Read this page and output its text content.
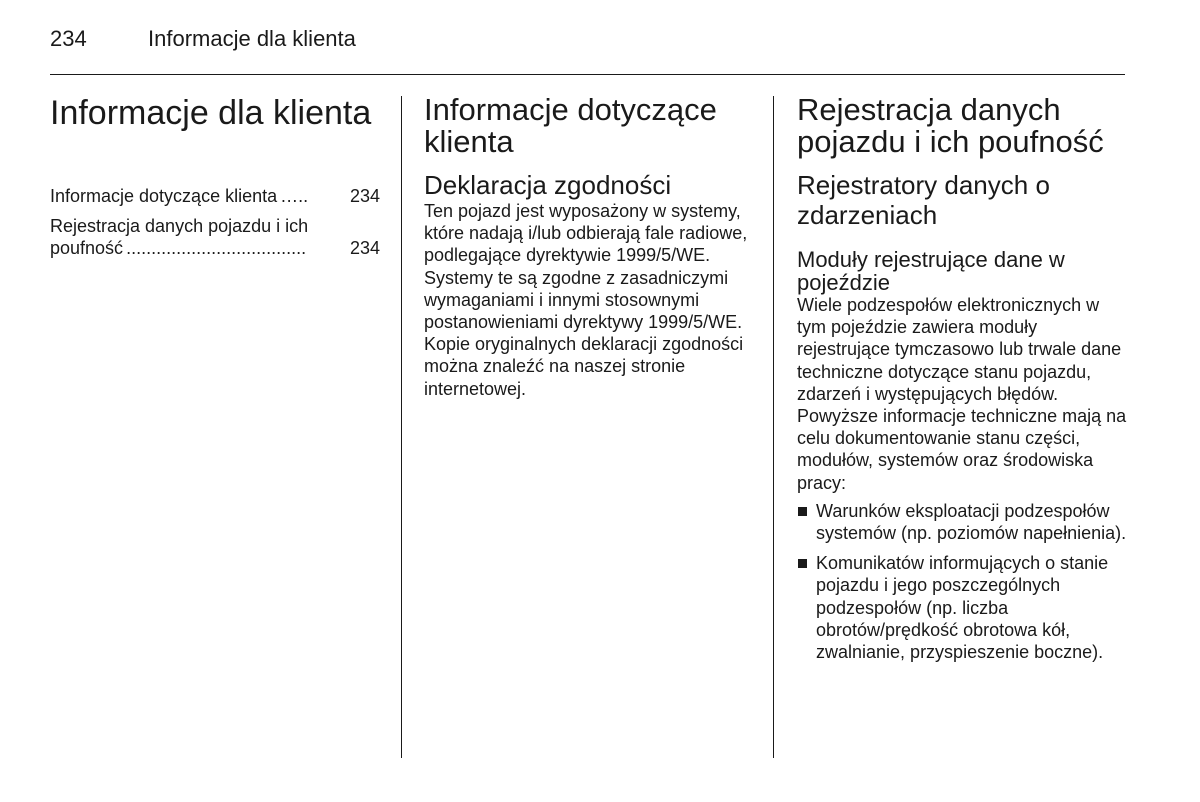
234	Informacje dla klienta
Informacje dla klienta
Informacje dotyczące klienta …..	234
Rejestracja danych pojazdu i ich
poufność ....................................	234
Informacje dotyczące klienta
Deklaracja zgodności

Ten pojazd jest wyposażony w systemy, które nadają i/lub odbierają fale radiowe, podlegające dyrektywie 1999/5/WE. Systemy te są zgodne z zasadniczymi wymaganiami i innymi stosownymi postanowieniami dyrektywy 1999/5/WE. Kopie oryginalnych deklaracji zgodności można znaleźć na naszej stronie internetowej.

Rejestracja danych pojazdu i ich poufność
Rejestratory danych o zdarzeniach
Moduły rejestrujące dane w pojeździe

Wiele podzespołów elektronicznych w tym pojeździe zawiera moduły rejestrujące tymczasowo lub trwale dane techniczne dotyczące stanu pojazdu, zdarzeń i występujących błędów. Powyższe informacje techniczne mają na celu dokumentowanie stanu części, modułów, systemów oraz środowiska pracy:

Warunków eksploatacji podzespołów systemów (np. poziomów napełnienia).
Komunikatów informujących o stanie pojazdu i jego poszczególnych podzespołów (np. liczba obrotów/prędkość obrotowa kół, zwalnianie, przyspieszenie boczne).
